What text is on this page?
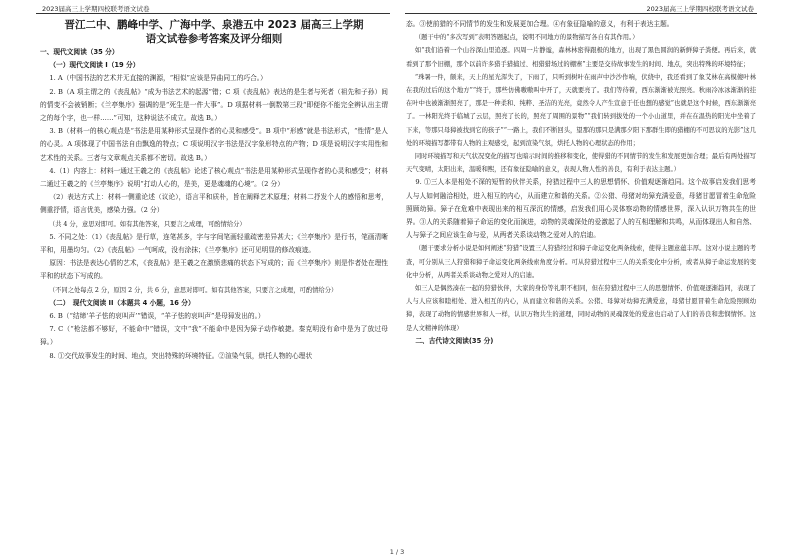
2023届高三上学期四校联考语文试卷	2023届高三上学期四校联考语文试卷
晋江二中、鹏峰中学、广海中学、泉港五中 2023 届高三上学期
语文试卷参考答案及评分细则

一、现代文阅读（35 分）

（一）现代文阅读 I（19 分）

1. A（中国书法的艺术并无直接的渊源，“相似”应该是异曲同工的巧合。）

2. B（A 项主谓之的《丧乱帖》“成为书法艺术的起源”错；C 项《丧乱帖》表达的是生者与死者（祖先和子孙）间的情变不会被销断；《兰亭集序》强调的是“死生是一件大事”。D 项据材料一倒数第三段“即便你不能完全辨认出主谓之的每个字，也一样……”可知，这种说法不成立。故选 B。）

3. B（材料一的核心观点是“书法是用某种形式呈现作者的心灵和感受”。B 项中“形感”就是书法形式，“性情”是人的心灵。A 项体现了中国书法自由飘逸的特点；C 项说明汉字书法是汉字象形特点的产物；D 项是说明汉字实用性和艺术性的关系。三者与文章观点关系都不密切。故选 B。）

4.（1）内容上：材料一通过王羲之的《丧乱帖》论述了核心观点“书法是用某种形式呈现作者的心灵和感受”；材料二通过王羲之的《兰亭集序》说明“打动人心的，是美，更是魂魂的心境”。（2 分）

（2）表达方式上：材料一侧重论述（议论），语言平和质朴，旨在阐释艺术原理；材料二抒发个人的感悟和思考，侧重抒情，语言优美，感染力强。（2 分）

（共 4 分，意思对即可。如有其他答案，只要言之成理，可酌情给分）

5. 不同之处：（1）《丧乱帖》是行草，连笔甚多，字与字间笔画轻重疏密差异甚大；《兰亭集序》是行书，笔画清晰平和，用墨均匀。（2）《丧乱帖》一气呵成，没有涂抹；《兰亭集序》还可见明显的修改痕迹。

原因：书法是表达心情的艺术，《丧乱帖》是王羲之在激愤悲痛的状态下写成的；而《兰亭集序》则是作者处在理性平和的状态下写成的。

（不同之处每点 2 分，原因 2 分，共 6 分，意思对即可。如有其他答案，只要言之成理，可酌情给分）

（二）　现代文阅读 II（本题共 4 小题，16 分）

6. B（“结缔‘羊子怯的哀叫声’”错误，“羊子怯的哀叫声”是母獐发出的。）

7. C（“枪法都不够好，不能命中”错误，文中“我”不能命中是因为獐子动作敏捷。秦克明没有命中是为了放过母獐。）

8. ①交代故事发生的时间、地点，突出特殊的环境特征。②渲染气氛，烘托人物的心理状

态。③使前猎的不同情节的发生和发展更加合理。④有象征隐喻的意义，有利于表达主题。

（题干中的“多次写到”表明答题起点，说明不同地方的景物描写各自有其作用。）

如“我们沿着一个山谷深山里追逐。四周一片静谧，森林林密得跟极的地方，出现了黑色圆润的新鲜獐子粪便。再后来，就看到了那个旧棚，那个以前许多猎手猎捕过、相猎猎场过的棚寨”主要是交待故事发生的时间、地点，突出特殊的环境特征；

“珠暑一件，颇来，天上的星光浑失了，下雨了，只听到树叶在雨声中沙沙作响，伏绕中，我还看到了象艾林在高模傻叶林在我的过后的这个地方”“终于，那些仿佛嗷嗷叫中开了，天就要亮了。我们等待着，西东渐渐被光照亮。秋雨冷冰冰渐渐的挂在叶中也被渐渐照亮了，那是一种柔和、纯粹、圣洁的光亮，竟然令人产生宣意于任也想的感觉”也就是这个时候，西东渐渐亮了。一林阳光终于临城了云层，照亮了长的，照亮了周围的景物”“我们转到拔处的一个小山道里，并在在温热的阳光中坐着了下来，等那只母獐被找到它的孩子”“一路上，我们不断回头，望那的那只是满那夕阳下那群生即的猎棚的不可思议的光影”这几处的环境描写都带有人物的主观感受，起到渲染气氛，烘托人物的心理状态的作用；

同时环境描写和天气状况变化的描写也暗示时间的推移和变化，使得猎的不同情节的发生和发展更加合理；最后有两处描写天气变晴，太阳出来，温暖和熙，还有象征隐喻的意义，表现人物人性的善良，有利于表达主题。）

9. ①三人本是相处不深的短暂的伙伴关系，狩猎过程中三人的思想情怀、价值观逐渐趋同。这个故事启发我们思考人与人如何融洽相处，进入相互的内心，从而建立和谐的关系。②公猎、母猪对幼獐充满爱意，母猪甘愿冒着生命危险照顾幼獐。獐子在危难中表现出来的相互深沉的情感，启发我们用心灵体察动物的情感世界，深入认识万物共生的世界。③人的关系随着獐子命运的变化而演进，动物的灵魂深处的爱激起了人的互相理解和共鸣，从而体现出人和自然、人与獐子之间应该生命与爱，从两者关系谈动物之爱对人的启迪。

（题干要求分析小说是如何阐述“狩猎”设置三人狩猎经过和獐子命运变化两条线索，使得主题意蕴丰厚。这对小说主题的考查，可分别从三人狩猎和獐子命运变化两条线索角度分析。可从狩猎过程中三人的关系变化中分析，或者从獐子命运发展的变化中分析，从两者关系谈动物之爱对人的启迪。

如三人是偶然凑在一起的狩猎伙伴，大家的身份等礼职不相同，但在狩猎过程中三人的思想情怀、价值观逐渐趋同，表现了人与人应该和睦相处、进入相互的内心，从而建立和谐的关系。公猪、母獐对幼獐充满爱意，母猪甘愿冒着生命危险照顾幼獐，表现了动物的情感世界和人一样，认识万物共生的道理，同时动物的灵魂深处的爱意也启动了人们的善良和悲悯情怀。这是人文精神的体现）

二、古代诗文阅读(35 分)

1 / 3
